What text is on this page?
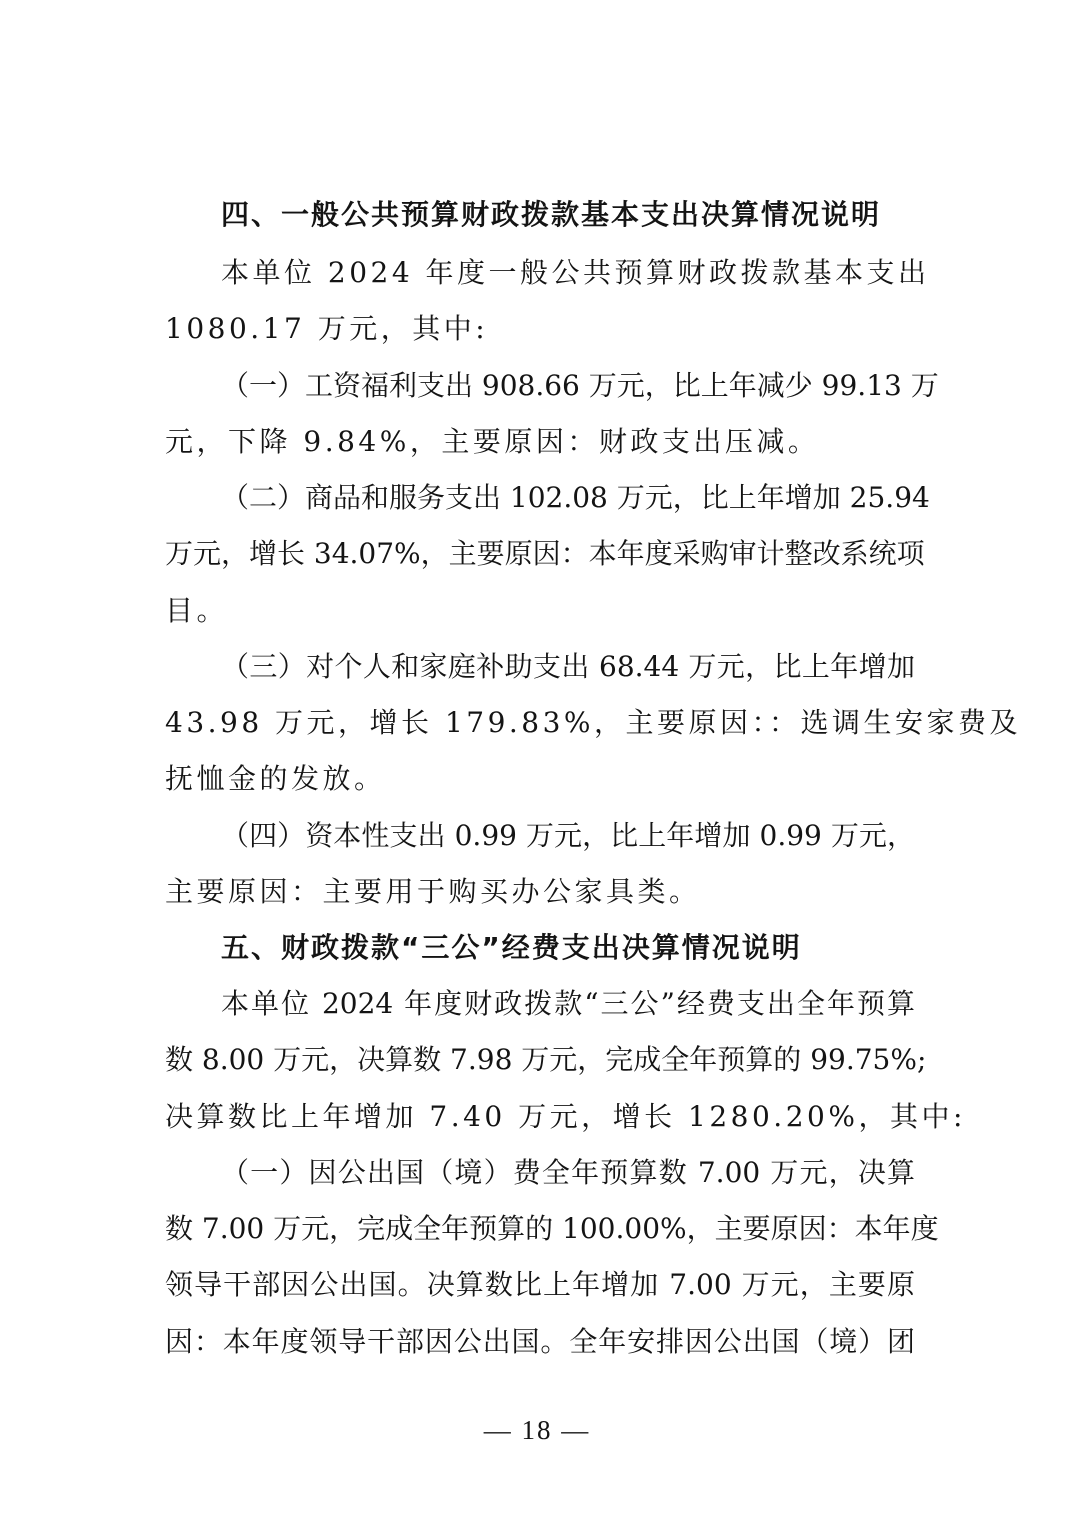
四、一般公共预算财政拨款基本支出决算情况说明
本单位 2024 年度一般公共预算财政拨款基本支出
1080.17 万元，其中:
（一）工资福利支出 908.66 万元，比上年减少 99.13 万
元，下降 9.84%，主要原因：财政支出压减。
（二）商品和服务支出 102.08 万元，比上年增加 25.94
万元，增长 34.07%，主要原因：本年度采购审计整改系统项
目。
（三）对个人和家庭补助支出 68.44 万元，比上年增加
43.98 万元，增长 179.83%，主要原因：：选调生安家费及
抚恤金的发放。
（四）资本性支出 0.99 万元，比上年增加 0.99 万元，
主要原因：主要用于购买办公家具类。
五、财政拨款“三公”经费支出决算情况说明
本单位 2024 年度财政拨款“三公”经费支出全年预算
数 8.00 万元，决算数 7.98 万元，完成全年预算的 99.75%;
决算数比上年增加 7.40 万元，增长 1280.20%，其中:
（一）因公出国（境）费全年预算数 7.00 万元，决算
数 7.00 万元，完成全年预算的 100.00%，主要原因：本年度
领导干部因公出国。决算数比上年增加 7.00 万元，主要原
因：本年度领导干部因公出国。全年安排因公出国（境）团
— 18 —
